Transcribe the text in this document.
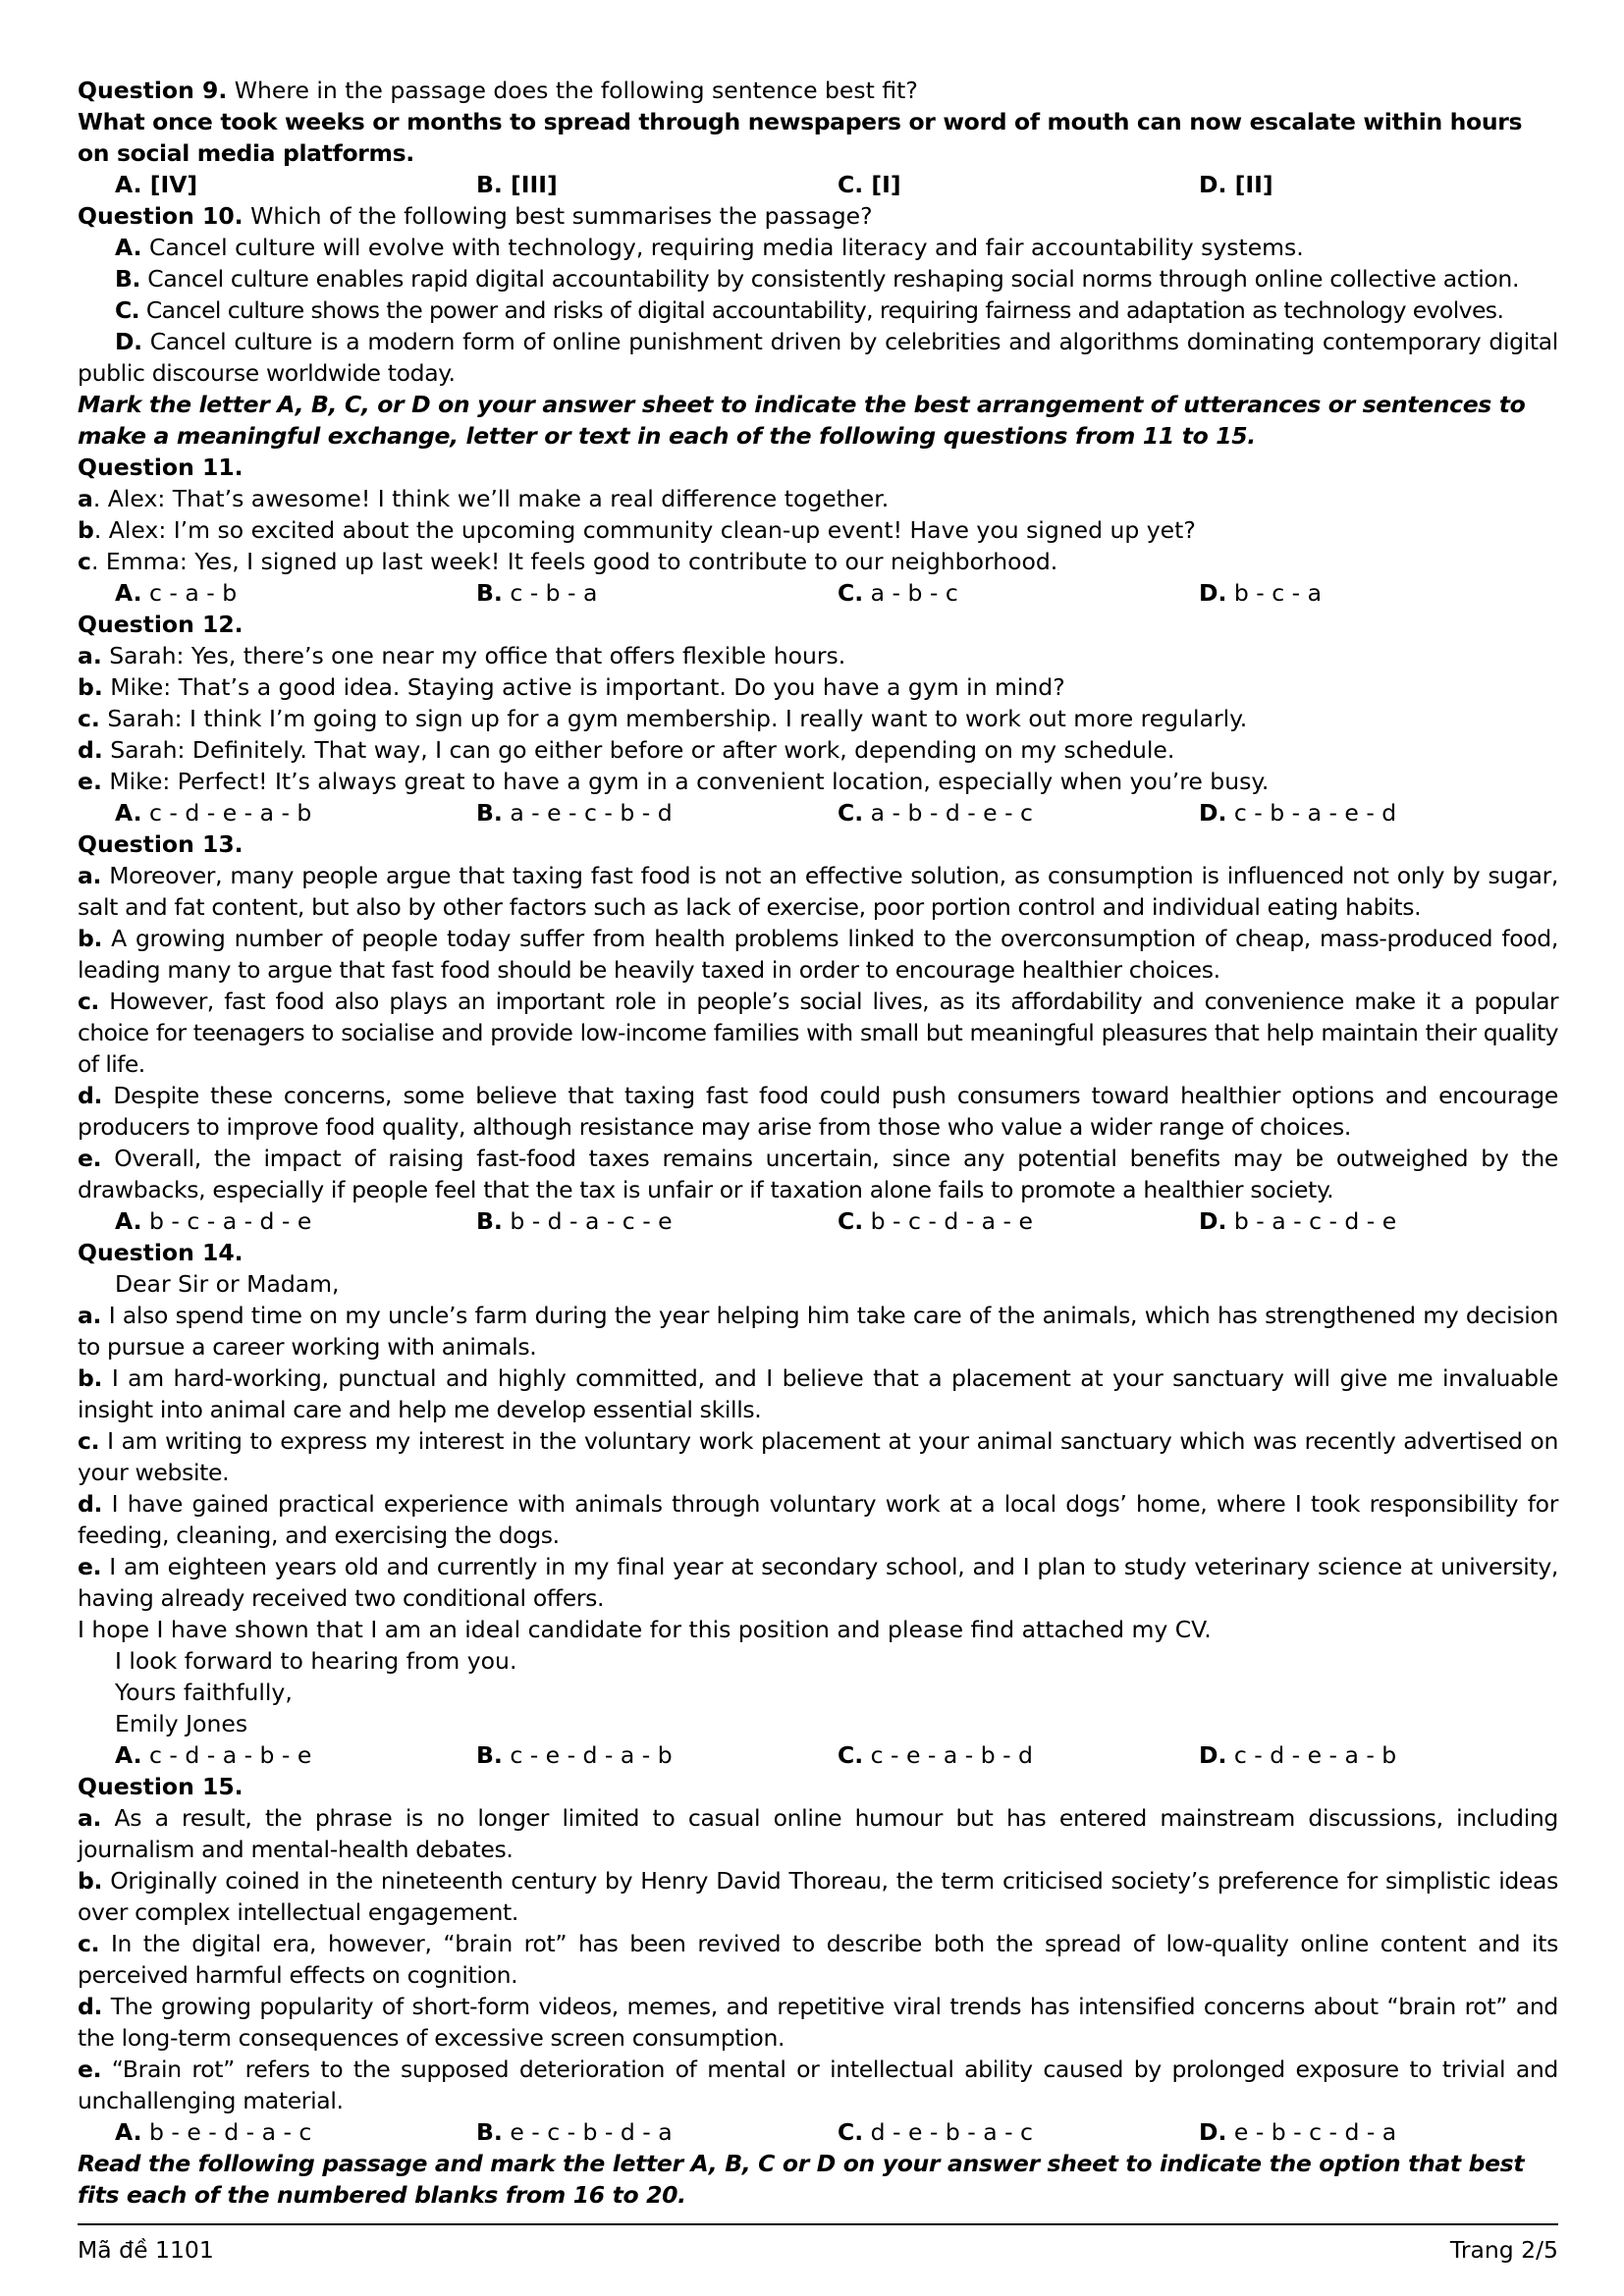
Question 9. Where in the passage does the following sentence best fit?

What once took weeks or months to spread through newspapers or word of mouth can now escalate within hours on social media platforms.

A. [IV]	B. [III]	C. [I]	D. [II]

Question 10. Which of the following best summarises the passage?

A. Cancel culture will evolve with technology, requiring media literacy and fair accountability systems.

B. Cancel culture enables rapid digital accountability by consistently reshaping social norms through online collective action.

C. Cancel culture shows the power and risks of digital accountability, requiring fairness and adaptation as technology evolves.

D. Cancel culture is a modern form of online punishment driven by celebrities and algorithms dominating contemporary digital public discourse worldwide today.

Mark the letter A, B, C, or D on your answer sheet to indicate the best arrangement of utterances or sentences to make a meaningful exchange, letter or text in each of the following questions from 11 to 15.

Question 11.

a. Alex: That’s awesome! I think we’ll make a real difference together.

b. Alex: I’m so excited about the upcoming community clean-up event! Have you signed up yet?

c. Emma: Yes, I signed up last week! It feels good to contribute to our neighborhood.

A. c - a - b	B. c - b - a	C. a - b - c	D. b - c - a

Question 12.

a. Sarah: Yes, there’s one near my office that offers flexible hours.

b. Mike: That’s a good idea. Staying active is important. Do you have a gym in mind?

c. Sarah: I think I’m going to sign up for a gym membership. I really want to work out more regularly.

d. Sarah: Definitely. That way, I can go either before or after work, depending on my schedule.

e. Mike: Perfect! It’s always great to have a gym in a convenient location, especially when you’re busy.

A. c - d - e - a - b	B. a - e - c - b - d	C. a - b - d - e - c	D. c - b - a - e - d

Question 13.

a. Moreover, many people argue that taxing fast food is not an effective solution, as consumption is influenced not only by sugar, salt and fat content, but also by other factors such as lack of exercise, poor portion control and individual eating habits.

b. A growing number of people today suffer from health problems linked to the overconsumption of cheap, mass-produced food, leading many to argue that fast food should be heavily taxed in order to encourage healthier choices.

c. However, fast food also plays an important role in people’s social lives, as its affordability and convenience make it a popular choice for teenagers to socialise and provide low-income families with small but meaningful pleasures that help maintain their quality of life.

d. Despite these concerns, some believe that taxing fast food could push consumers toward healthier options and encourage producers to improve food quality, although resistance may arise from those who value a wider range of choices.

e. Overall, the impact of raising fast-food taxes remains uncertain, since any potential benefits may be outweighed by the drawbacks, especially if people feel that the tax is unfair or if taxation alone fails to promote a healthier society.

A. b - c - a - d - e	B. b - d - a - c - e	C. b - c - d - a - e	D. b - a - c - d - e

Question 14.

Dear Sir or Madam,

a. I also spend time on my uncle’s farm during the year helping him take care of the animals, which has strengthened my decision to pursue a career working with animals.

b. I am hard-working, punctual and highly committed, and I believe that a placement at your sanctuary will give me invaluable insight into animal care and help me develop essential skills.

c. I am writing to express my interest in the voluntary work placement at your animal sanctuary which was recently advertised on your website.

d. I have gained practical experience with animals through voluntary work at a local dogs’ home, where I took responsibility for feeding, cleaning, and exercising the dogs.

e. I am eighteen years old and currently in my final year at secondary school, and I plan to study veterinary science at university, having already received two conditional offers.

I hope I have shown that I am an ideal candidate for this position and please find attached my CV.

I look forward to hearing from you.

Yours faithfully,

Emily Jones

A. c - d - a - b - e	B. c - e - d - a - b	C. c - e - a - b - d	D. c - d - e - a - b

Question 15.

a. As a result, the phrase is no longer limited to casual online humour but has entered mainstream discussions, including journalism and mental-health debates.

b. Originally coined in the nineteenth century by Henry David Thoreau, the term criticised society’s preference for simplistic ideas over complex intellectual engagement.

c. In the digital era, however, “brain rot” has been revived to describe both the spread of low-quality online content and its perceived harmful effects on cognition.

d. The growing popularity of short-form videos, memes, and repetitive viral trends has intensified concerns about “brain rot” and the long-term consequences of excessive screen consumption.

e. “Brain rot” refers to the supposed deterioration of mental or intellectual ability caused by prolonged exposure to trivial and unchallenging material.

A. b - e - d - a - c	B. e - c - b - d - a	C. d - e - b - a - c	D. e - b - c - d - a

Read the following passage and mark the letter A, B, C or D on your answer sheet to indicate the option that best fits each of the numbered blanks from 16 to 20.

Mã đề 1101	Trang 2/5
